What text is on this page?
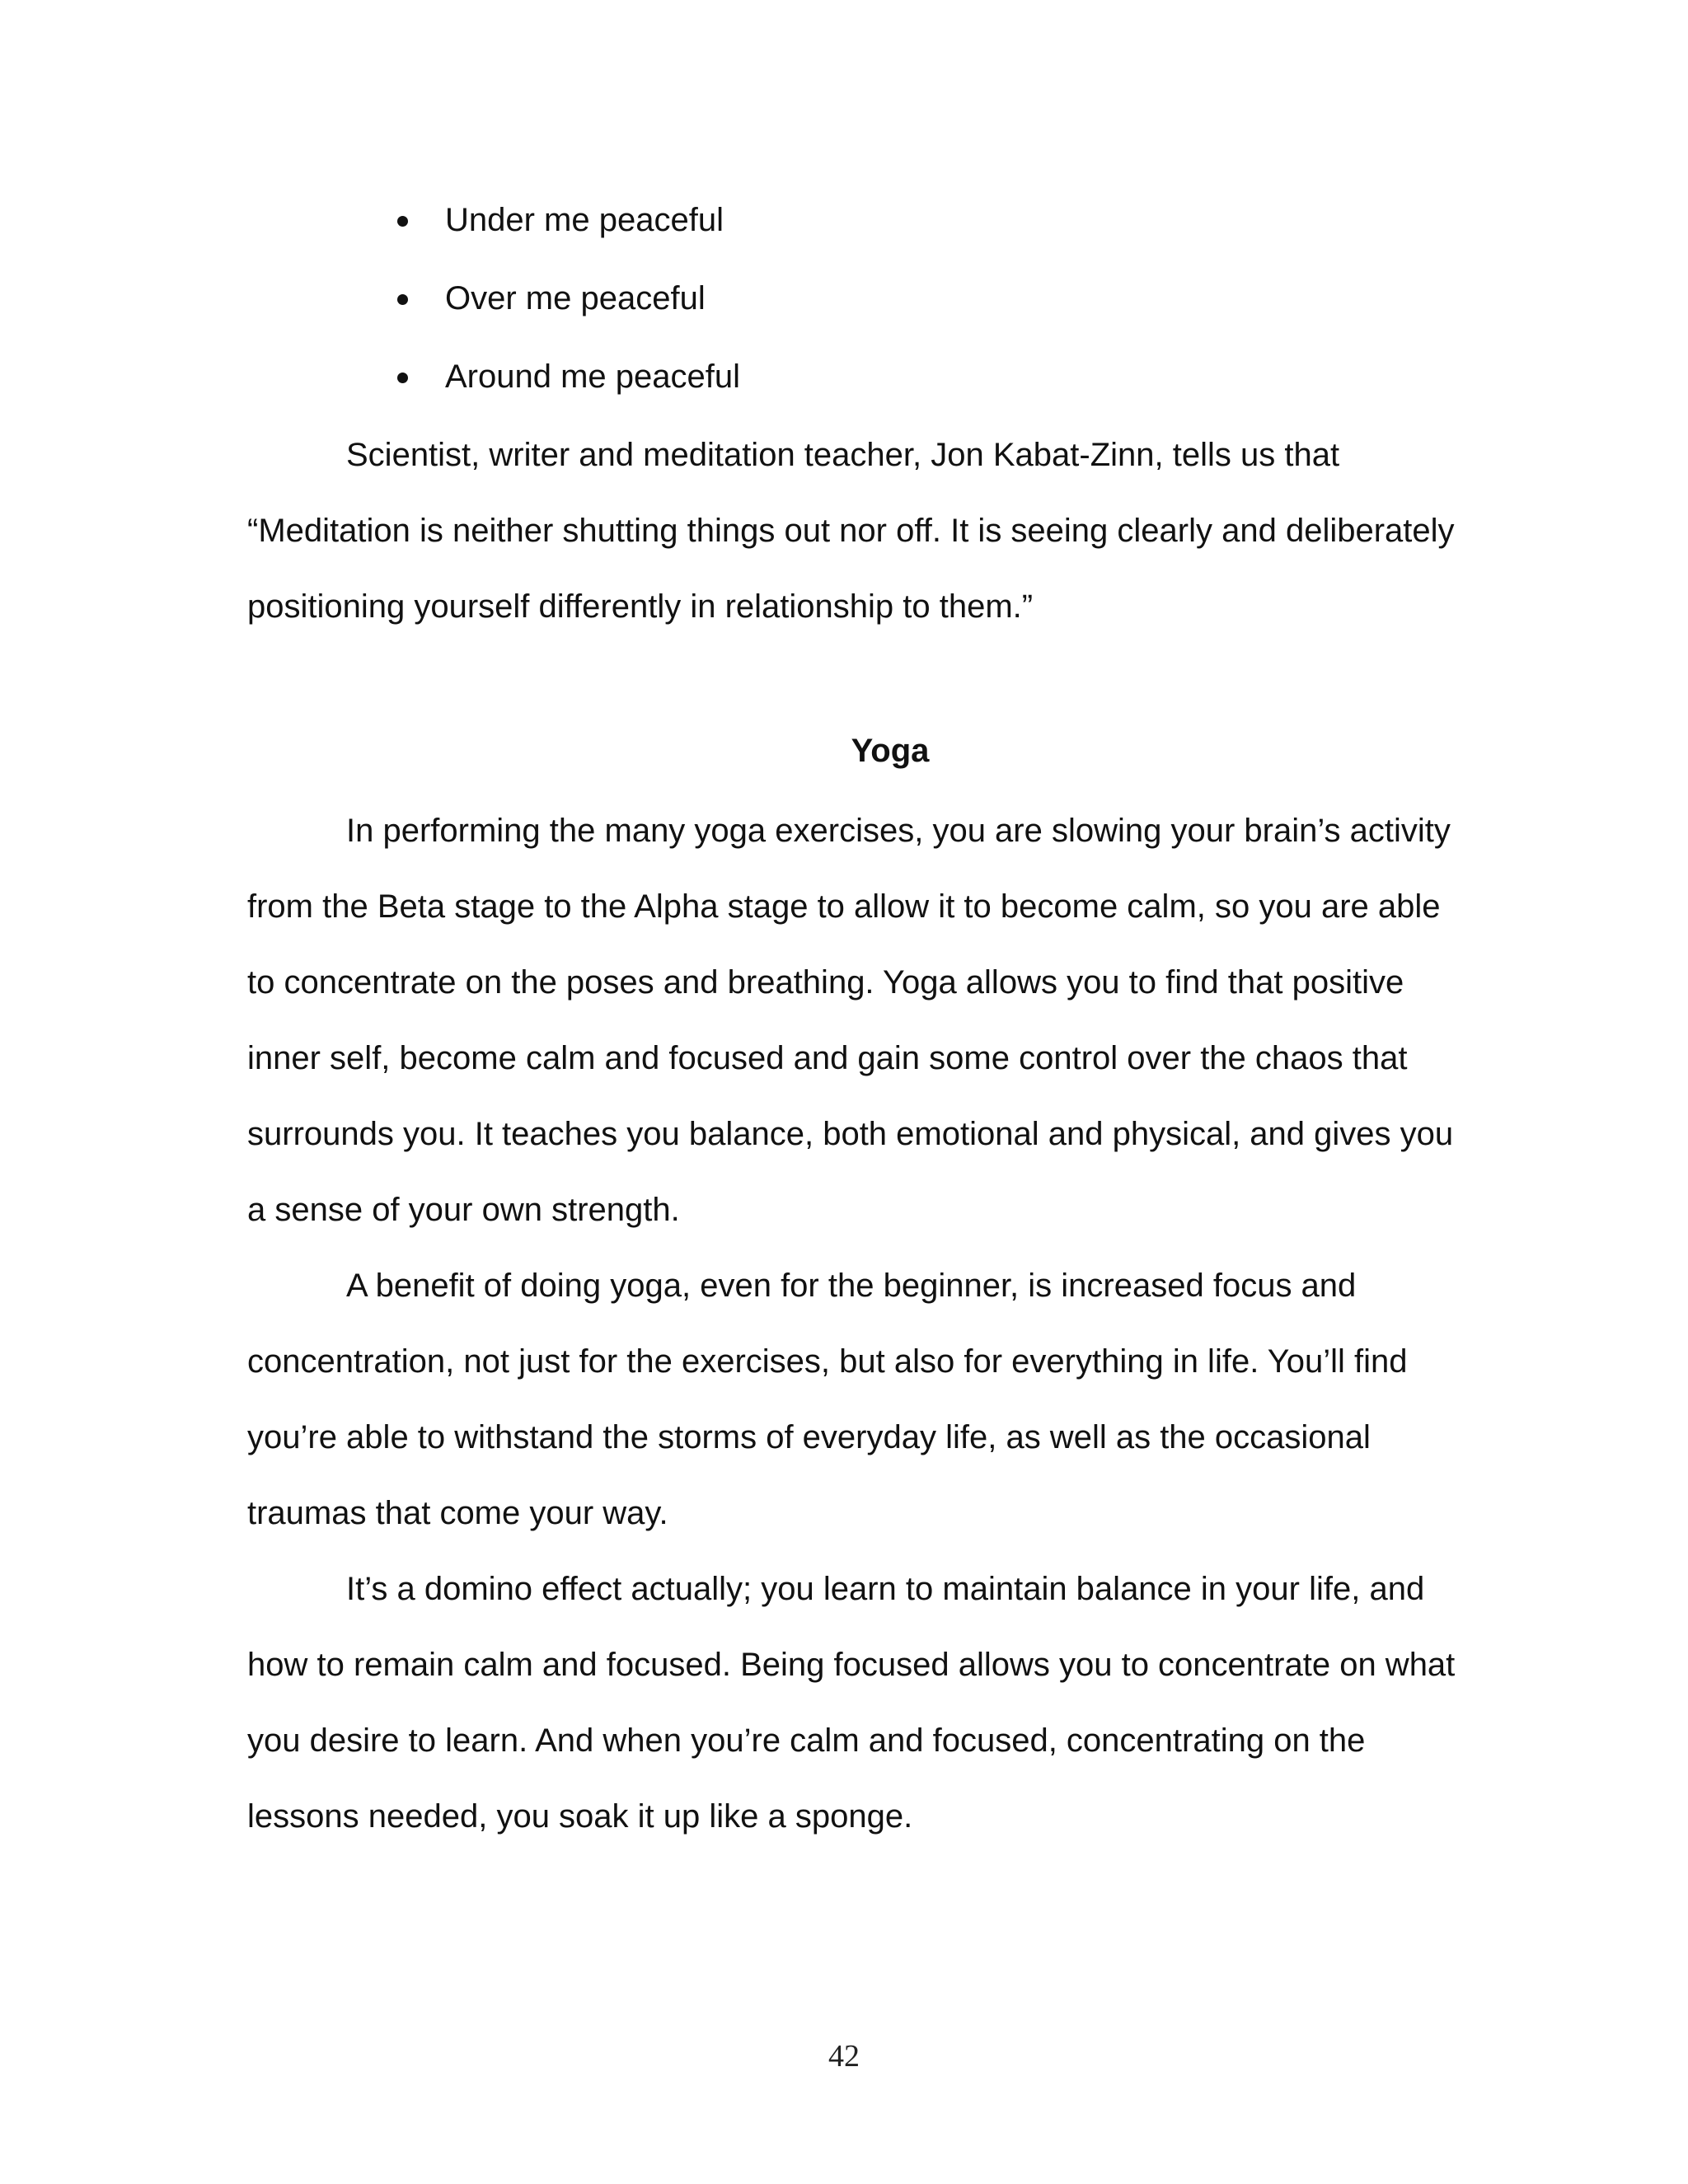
Under me peaceful
Over me peaceful
Around me peaceful

Scientist, writer and meditation teacher, Jon Kabat-Zinn, tells us that “Meditation is neither shutting things out nor off. It is seeing clearly and deliberately positioning yourself differently in relationship to them.”

Yoga

In performing the many yoga exercises, you are slowing your brain’s activity from the Beta stage to the Alpha stage to allow it to become calm, so you are able to concentrate on the poses and breathing. Yoga allows you to find that positive inner self, become calm and focused and gain some control over the chaos that surrounds you. It teaches you balance, both emotional and physical, and gives you a sense of your own strength.

A benefit of doing yoga, even for the beginner, is increased focus and concentration, not just for the exercises, but also for everything in life. You’ll find you’re able to withstand the storms of everyday life, as well as the occasional traumas that come your way.

It’s a domino effect actually; you learn to maintain balance in your life, and how to remain calm and focused. Being focused allows you to concentrate on what you desire to learn. And when you’re calm and focused, concentrating on the lessons needed, you soak it up like a sponge.

42
